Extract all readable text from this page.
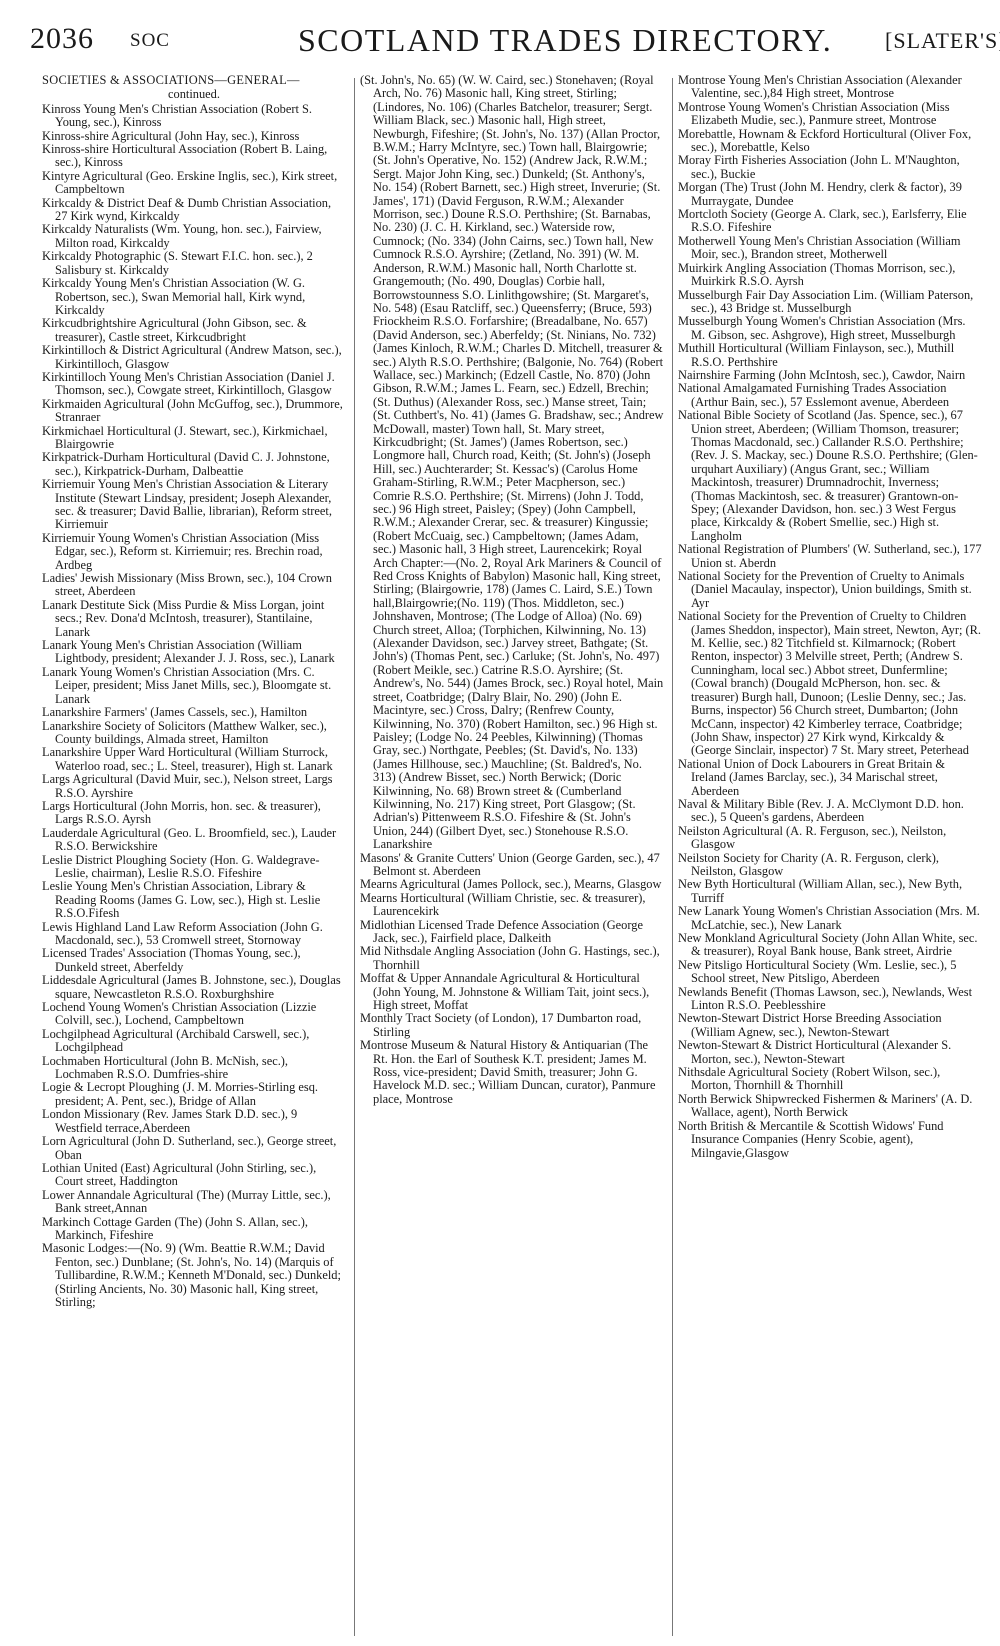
2036 SOC	SCOTLAND TRADES DIRECTORY.
[	SLATER'S ]

SOCIETIES & ASSOCIATIONS—GENERAL—

continued.

Kinross Young Men's Christian Association (Robert S. Young, sec.), Kinross

Kinross-shire Agricultural (John Hay, sec.), Kinross

Kinross-shire Horticultural Association (Robert B. Laing, sec.), Kinross

Kintyre Agricultural (Geo. Erskine Inglis, sec.), Kirk street, Campbeltown

Kirkcaldy & District Deaf & Dumb Christian Association, 27 Kirk wynd, Kirkcaldy

Kirkcaldy Naturalists (Wm. Young, hon. sec.), Fairview, Milton road, Kirkcaldy

Kirkcaldy Photographic (S. Stewart F.I.C. hon. sec.), 2 Salisbury st. Kirkcaldy

Kirkcaldy Young Men's Christian Association (W. G. Robertson, sec.), Swan Memorial hall, Kirk wynd, Kirkcaldy

Kirkcudbrightshire Agricultural (John Gibson, sec. & treasurer), Castle street, Kirkcudbright

Kirkintilloch & District Agricultural (Andrew Matson, sec.), Kirkintilloch, Glasgow

Kirkintilloch Young Men's Christian Association (Daniel J. Thomson, sec.), Cowgate street, Kirkintilloch, Glasgow

Kirkmaiden Agricultural (John McGuffog, sec.), Drummore, Stranraer

Kirkmichael Horticultural (J. Stewart, sec.), Kirkmichael, Blairgowrie

Kirkpatrick-Durham Horticultural (David C. J. Johnstone, sec.), Kirkpatrick-Durham, Dalbeattie

Kirriemuir Young Men's Christian Association & Literary Institute (Stewart Lindsay, president; Joseph Alexander, sec. & treasurer; David Ballie, librarian), Reform street, Kirriemuir

Kirriemuir Young Women's Christian Association (Miss Edgar, sec.), Reform st. Kirriemuir; res. Brechin road, Ardbeg

Ladies' Jewish Missionary (Miss Brown, sec.), 104 Crown street, Aberdeen

Lanark Destitute Sick (Miss Purdie & Miss Lorgan, joint secs.; Rev. Dona'd McIntosh, treasurer), Stantilaine, Lanark

Lanark Young Men's Christian Association (William Lightbody, president; Alexander J. J. Ross, sec.), Lanark

Lanark Young Women's Christian Association (Mrs. C. Leiper, president; Miss Janet Mills, sec.), Bloomgate st. Lanark

Lanarkshire Farmers' (James Cassels, sec.), Hamilton

Lanarkshire Society of Solicitors (Matthew Walker, sec.), County buildings, Almada street, Hamilton

Lanarkshire Upper Ward Horticultural (William Sturrock, Waterloo road, sec.; L. Steel, treasurer), High st. Lanark

Largs Agricultural (David Muir, sec.), Nelson street, Largs R.S.O. Ayrshire

Largs Horticultural (John Morris, hon. sec. & treasurer), Largs R.S.O. Ayrsh

Lauderdale Agricultural (Geo. L. Broomfield, sec.), Lauder R.S.O. Berwickshire

Leslie District Ploughing Society (Hon. G. Waldegrave-Leslie, chairman), Leslie R.S.O. Fifeshire

Leslie Young Men's Christian Association, Library & Reading Rooms (James G. Low, sec.), High st. Leslie R.S.O.Fifesh

Lewis Highland Land Law Reform Association (John G. Macdonald, sec.), 53 Cromwell street, Stornoway

Licensed Trades' Association (Thomas Young, sec.), Dunkeld street, Aberfeldy

Liddesdale Agricultural (James B. Johnstone, sec.), Douglas square, Newcastleton R.S.O. Roxburghshire

Lochend Young Women's Christian Association (Lizzie Colvill, sec.), Lochend, Campbeltown

Lochgilphead Agricultural (Archibald Carswell, sec.), Lochgilphead

Lochmaben Horticultural (John B. McNish, sec.), Lochmaben R.S.O. Dumfries-shire

Logie & Lecropt Ploughing (J. M. Morries-Stirling esq. president; A. Pent, sec.), Bridge of Allan

London Missionary (Rev. James Stark D.D. sec.), 9 Westfield terrace,Aberdeen

Lorn Agricultural (John D. Sutherland, sec.), George street, Oban

Lothian United (East) Agricultural (John Stirling, sec.), Court street, Haddington

Lower Annandale Agricultural (The) (Murray Little, sec.), Bank street,Annan

Markinch Cottage Garden (The) (John S. Allan, sec.), Markinch, Fifeshire

Masonic Lodges:—(No. 9) (Wm. Beattie R.W.M.; David Fenton, sec.) Dunblane; (St. John's, No. 14) (Marquis of Tullibardine, R.W.M.; Kenneth M'Donald, sec.) Dunkeld; (Stirling Ancients, No. 30) Masonic hall, King street, Stirling;

(St. John's, No. 65) (W. W. Caird, sec.) Stonehaven; (Royal Arch, No. 76) Masonic hall, King street, Stirling; (Lindores, No. 106) (Charles Batchelor, treasurer; Sergt. William Black, sec.) Masonic hall, High street, Newburgh, Fifeshire; (St. John's, No. 137) (Allan Proctor, B.W.M.; Harry McIntyre, sec.) Town hall, Blairgowrie; (St. John's Operative, No. 152) (Andrew Jack, R.W.M.; Sergt. Major John King, sec.) Dunkeld; (St. Anthony's, No. 154) (Robert Barnett, sec.) High street, Inverurie; (St. James', 171) (David Ferguson, R.W.M.; Alexander Morrison, sec.) Doune R.S.O. Perthshire; (St. Barnabas, No. 230) (J. C. H. Kirkland, sec.) Waterside row, Cumnock; (No. 334) (John Cairns, sec.) Town hall, New Cumnock R.S.O. Ayrshire; (Zetland, No. 391) (W. M. Anderson, R.W.M.) Masonic hall, North Charlotte st. Grangemouth; (No. 490, Douglas) Corbie hall, Borrowstounness S.O. Linlithgowshire; (St. Margaret's, No. 548) (Esau Ratcliff, sec.) Queensferry; (Bruce, 593) Friockheim R.S.O. Forfarshire; (Breadalbane, No. 657) (David Anderson, sec.) Aberfeldy; (St. Ninians, No. 732) (James Kinloch, R.W.M.; Charles D. Mitchell, treasurer & sec.) Alyth R.S.O. Perthshire; (Balgonie, No. 764) (Robert Wallace, sec.) Markinch; (Edzell Castle, No. 870) (John Gibson, R.W.M.; James L. Fearn, sec.) Edzell, Brechin; (St. Duthus) (Alexander Ross, sec.) Manse street, Tain; (St. Cuthbert's, No. 41) (James G. Bradshaw, sec.; Andrew McDowall, master) Town hall, St. Mary street, Kirkcudbright; (St. James') (James Robertson, sec.) Longmore hall, Church road, Keith; (St. John's) (Joseph Hill, sec.) Auchterarder; St. Kessac's) (Carolus Home Graham-Stirling, R.W.M.; Peter Macpherson, sec.) Comrie R.S.O. Perthshire; (St. Mirrens) (John J. Todd, sec.) 96 High street, Paisley; (Spey) (John Campbell, R.W.M.; Alexander Crerar, sec. & treasurer) Kingussie; (Robert McCuaig, sec.) Campbeltown; (James Adam, sec.) Masonic hall, 3 High street, Laurencekirk; Royal Arch Chapter:—(No. 2, Royal Ark Mariners & Council of Red Cross Knights of Babylon) Masonic hall, King street, Stirling; (Blairgowrie, 178) (James C. Laird, S.E.) Town hall,Blairgowrie;(No. 119) (Thos. Middleton, sec.) Johnshaven, Montrose; (The Lodge of Alloa) (No. 69) Church street, Alloa; (Torphichen, Kilwinning, No. 13) (Alexander Davidson, sec.) Jarvey street, Bathgate; (St. John's) (Thomas Pent, sec.) Carluke; (St. John's, No. 497) (Robert Meikle, sec.) Catrine R.S.O. Ayrshire; (St. Andrew's, No. 544) (James Brock, sec.) Royal hotel, Main street, Coatbridge; (Dalry Blair, No. 290) (John E. Macintyre, sec.) Cross, Dalry; (Renfrew County, Kilwinning, No. 370) (Robert Hamilton, sec.) 96 High st. Paisley; (Lodge No. 24 Peebles, Kilwinning) (Thomas Gray, sec.) Northgate, Peebles; (St. David's, No. 133) (James Hillhouse, sec.) Mauchline; (St. Baldred's, No. 313) (Andrew Bisset, sec.) North Berwick; (Doric Kilwinning, No. 68) Brown street & (Cumberland Kilwinning, No. 217) King street, Port Glasgow; (St. Adrian's) Pittenweem R.S.O. Fifeshire & (St. John's Union, 244) (Gilbert Dyet, sec.) Stonehouse R.S.O. Lanarkshire

Masons' & Granite Cutters' Union (George Garden, sec.), 47 Belmont st. Aberdeen

Mearns Agricultural (James Pollock, sec.), Mearns, Glasgow

Mearns Horticultural (William Christie, sec. & treasurer), Laurencekirk

Midlothian Licensed Trade Defence Association (George Jack, sec.), Fairfield place, Dalkeith

Mid Nithsdale Angling Association (John G. Hastings, sec.), Thornhill

Moffat & Upper Annandale Agricultural & Horticultural (John Young, M. Johnstone & William Tait, joint secs.), High street, Moffat

Monthly Tract Society (of London), 17 Dumbarton road, Stirling

Montrose Museum & Natural History & Antiquarian (The Rt. Hon. the Earl of Southesk K.T. president; James M. Ross, vice-president; David Smith, treasurer; John G. Havelock M.D. sec.; William Duncan, curator), Panmure place, Montrose

Montrose Young Men's Christian Association (Alexander Valentine, sec.),84 High street, Montrose

Montrose Young Women's Christian Association (Miss Elizabeth Mudie, sec.), Panmure street, Montrose

Morebattle, Hownam & Eckford Horticultural (Oliver Fox, sec.), Morebattle, Kelso

Moray Firth Fisheries Association (John L. M'Naughton, sec.), Buckie

Morgan (The) Trust (John M. Hendry, clerk & factor), 39 Murraygate, Dundee

Mortcloth Society (George A. Clark, sec.), Earlsferry, Elie R.S.O. Fifeshire

Motherwell Young Men's Christian Association (William Moir, sec.), Brandon street, Motherwell

Muirkirk Angling Association (Thomas Morrison, sec.), Muirkirk R.S.O. Ayrsh

Musselburgh Fair Day Association Lim. (William Paterson, sec.), 43 Bridge st. Musselburgh

Musselburgh Young Women's Christian Association (Mrs. M. Gibson, sec. Ashgrove), High street, Musselburgh

Muthill Horticultural (William Finlayson, sec.), Muthill R.S.O. Perthshire

Nairnshire Farming (John McIntosh, sec.), Cawdor, Nairn

National Amalgamated Furnishing Trades Association (Arthur Bain, sec.), 57 Esslemont avenue, Aberdeen

National Bible Society of Scotland (Jas. Spence, sec.), 67 Union street, Aberdeen; (William Thomson, treasurer; Thomas Macdonald, sec.) Callander R.S.O. Perthshire; (Rev. J. S. Mackay, sec.) Doune R.S.O. Perthshire; (Glen-urquhart Auxiliary) (Angus Grant, sec.; William Mackintosh, treasurer) Drumnadrochit, Inverness; (Thomas Mackintosh, sec. & treasurer) Grantown-on-Spey; (Alexander Davidson, hon. sec.) 3 West Fergus place, Kirkcaldy & (Robert Smellie, sec.) High st. Langholm

National Registration of Plumbers' (W. Sutherland, sec.), 177 Union st. Aberdn

National Society for the Prevention of Cruelty to Animals (Daniel Macaulay, inspector), Union buildings, Smith st. Ayr

National Society for the Prevention of Cruelty to Children (James Sheddon, inspector), Main street, Newton, Ayr; (R. M. Kellie, sec.) 82 Titchfield st. Kilmarnock; (Robert Renton, inspector) 3 Melville street, Perth; (Andrew S. Cunningham, local sec.) Abbot street, Dunfermline; (Cowal branch) (Dougald McPherson, hon. sec. & treasurer) Burgh hall, Dunoon; (Leslie Denny, sec.; Jas. Burns, inspector) 56 Church street, Dumbarton; (John McCann, inspector) 42 Kimberley terrace, Coatbridge; (John Shaw, inspector) 27 Kirk wynd, Kirkcaldy & (George Sinclair, inspector) 7 St. Mary street, Peterhead

National Union of Dock Labourers in Great Britain & Ireland (James Barclay, sec.), 34 Marischal street, Aberdeen

Naval & Military Bible (Rev. J. A. McClymont D.D. hon. sec.), 5 Queen's gardens, Aberdeen

Neilston Agricultural (A. R. Ferguson, sec.), Neilston, Glasgow

Neilston Society for Charity (A. R. Ferguson, clerk), Neilston, Glasgow

New Byth Horticultural (William Allan, sec.), New Byth, Turriff

New Lanark Young Women's Christian Association (Mrs. M. McLatchie, sec.), New Lanark

New Monkland Agricultural Society (John Allan White, sec. & treasurer), Royal Bank house, Bank street, Airdrie

New Pitsligo Horticultural Society (Wm. Leslie, sec.), 5 School street, New Pitsligo, Aberdeen

Newlands Benefit (Thomas Lawson, sec.), Newlands, West Linton R.S.O. Peeblesshire

Newton-Stewart District Horse Breeding Association (William Agnew, sec.), Newton-Stewart

Newton-Stewart & District Horticultural (Alexander S. Morton, sec.), Newton-Stewart

Nithsdale Agricultural Society (Robert Wilson, sec.), Morton, Thornhill & Thornhill

North Berwick Shipwrecked Fishermen & Mariners' (A. D. Wallace, agent), North Berwick

North British & Mercantile & Scottish Widows' Fund Insurance Companies (Henry Scobie, agent), Milngavie,Glasgow
